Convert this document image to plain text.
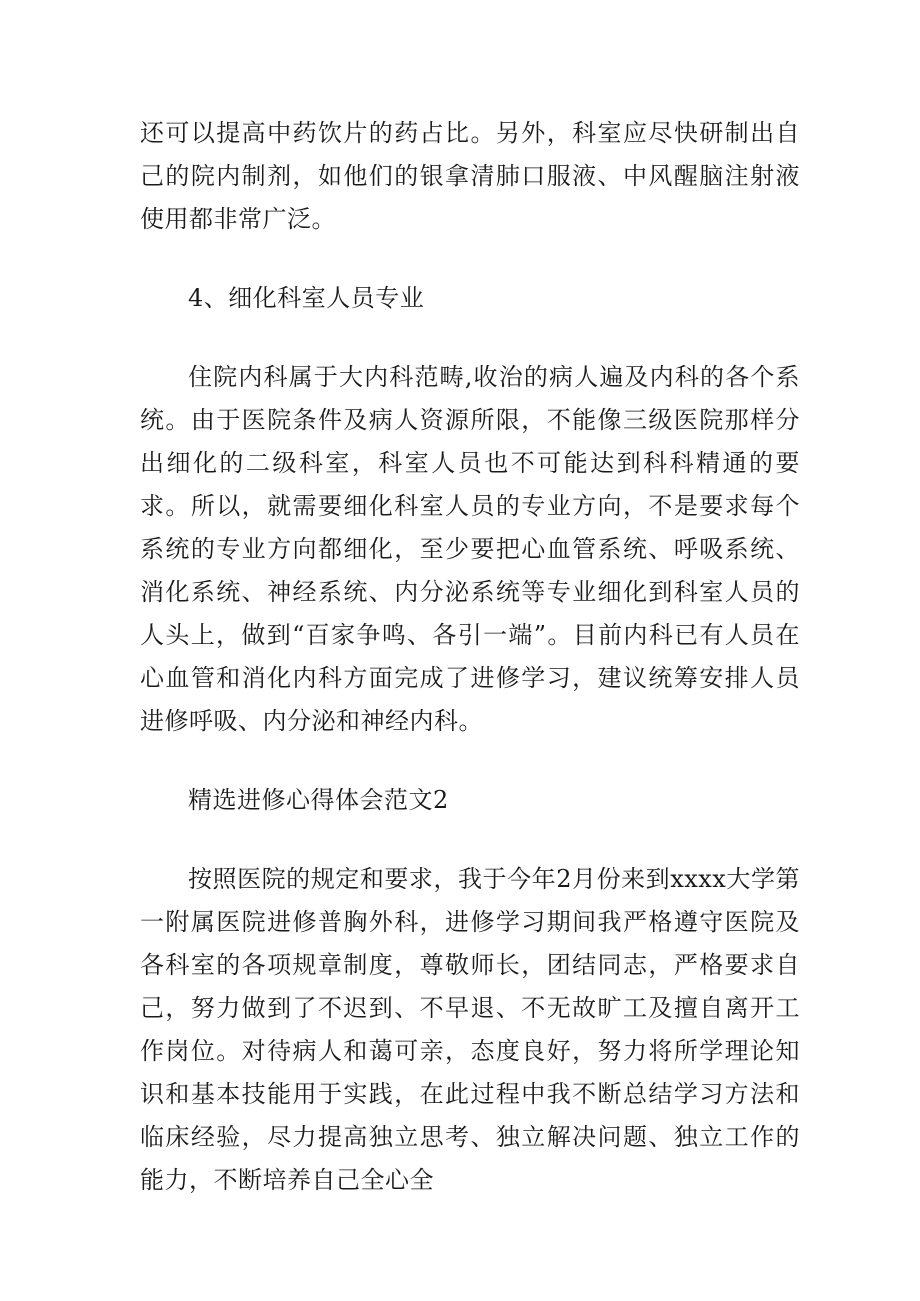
还可以提高中药饮片的药占比。另外，科室应尽快研制出自己的院内制剂，如他们的银拿清肺口服液、中风醒脑注射液使用都非常广泛。

4、细化科室人员专业

住院内科属于大内科范畴,收治的病人遍及内科的各个系统。由于医院条件及病人资源所限，不能像三级医院那样分出细化的二级科室，科室人员也不可能达到科科精通的要求。所以，就需要细化科室人员的专业方向，不是要求每个系统的专业方向都细化，至少要把心血管系统、呼吸系统、消化系统、神经系统、内分泌系统等专业细化到科室人员的人头上，做到“百家争鸣、各引一端”。目前内科已有人员在心血管和消化内科方面完成了进修学习，建议统筹安排人员进修呼吸、内分泌和神经内科。

精选进修心得体会范文2

按照医院的规定和要求，我于今年2月份来到xxxx大学第一附属医院进修普胸外科，进修学习期间我严格遵守医院及各科室的各项规章制度，尊敬师长，团结同志，严格要求自己，努力做到了不迟到、不早退、不无故旷工及擅自离开工作岗位。对待病人和蔼可亲，态度良好，努力将所学理论知识和基本技能用于实践，在此过程中我不断总结学习方法和临床经验，尽力提高独立思考、独立解决问题、独立工作的能力，不断培养自己全心全
